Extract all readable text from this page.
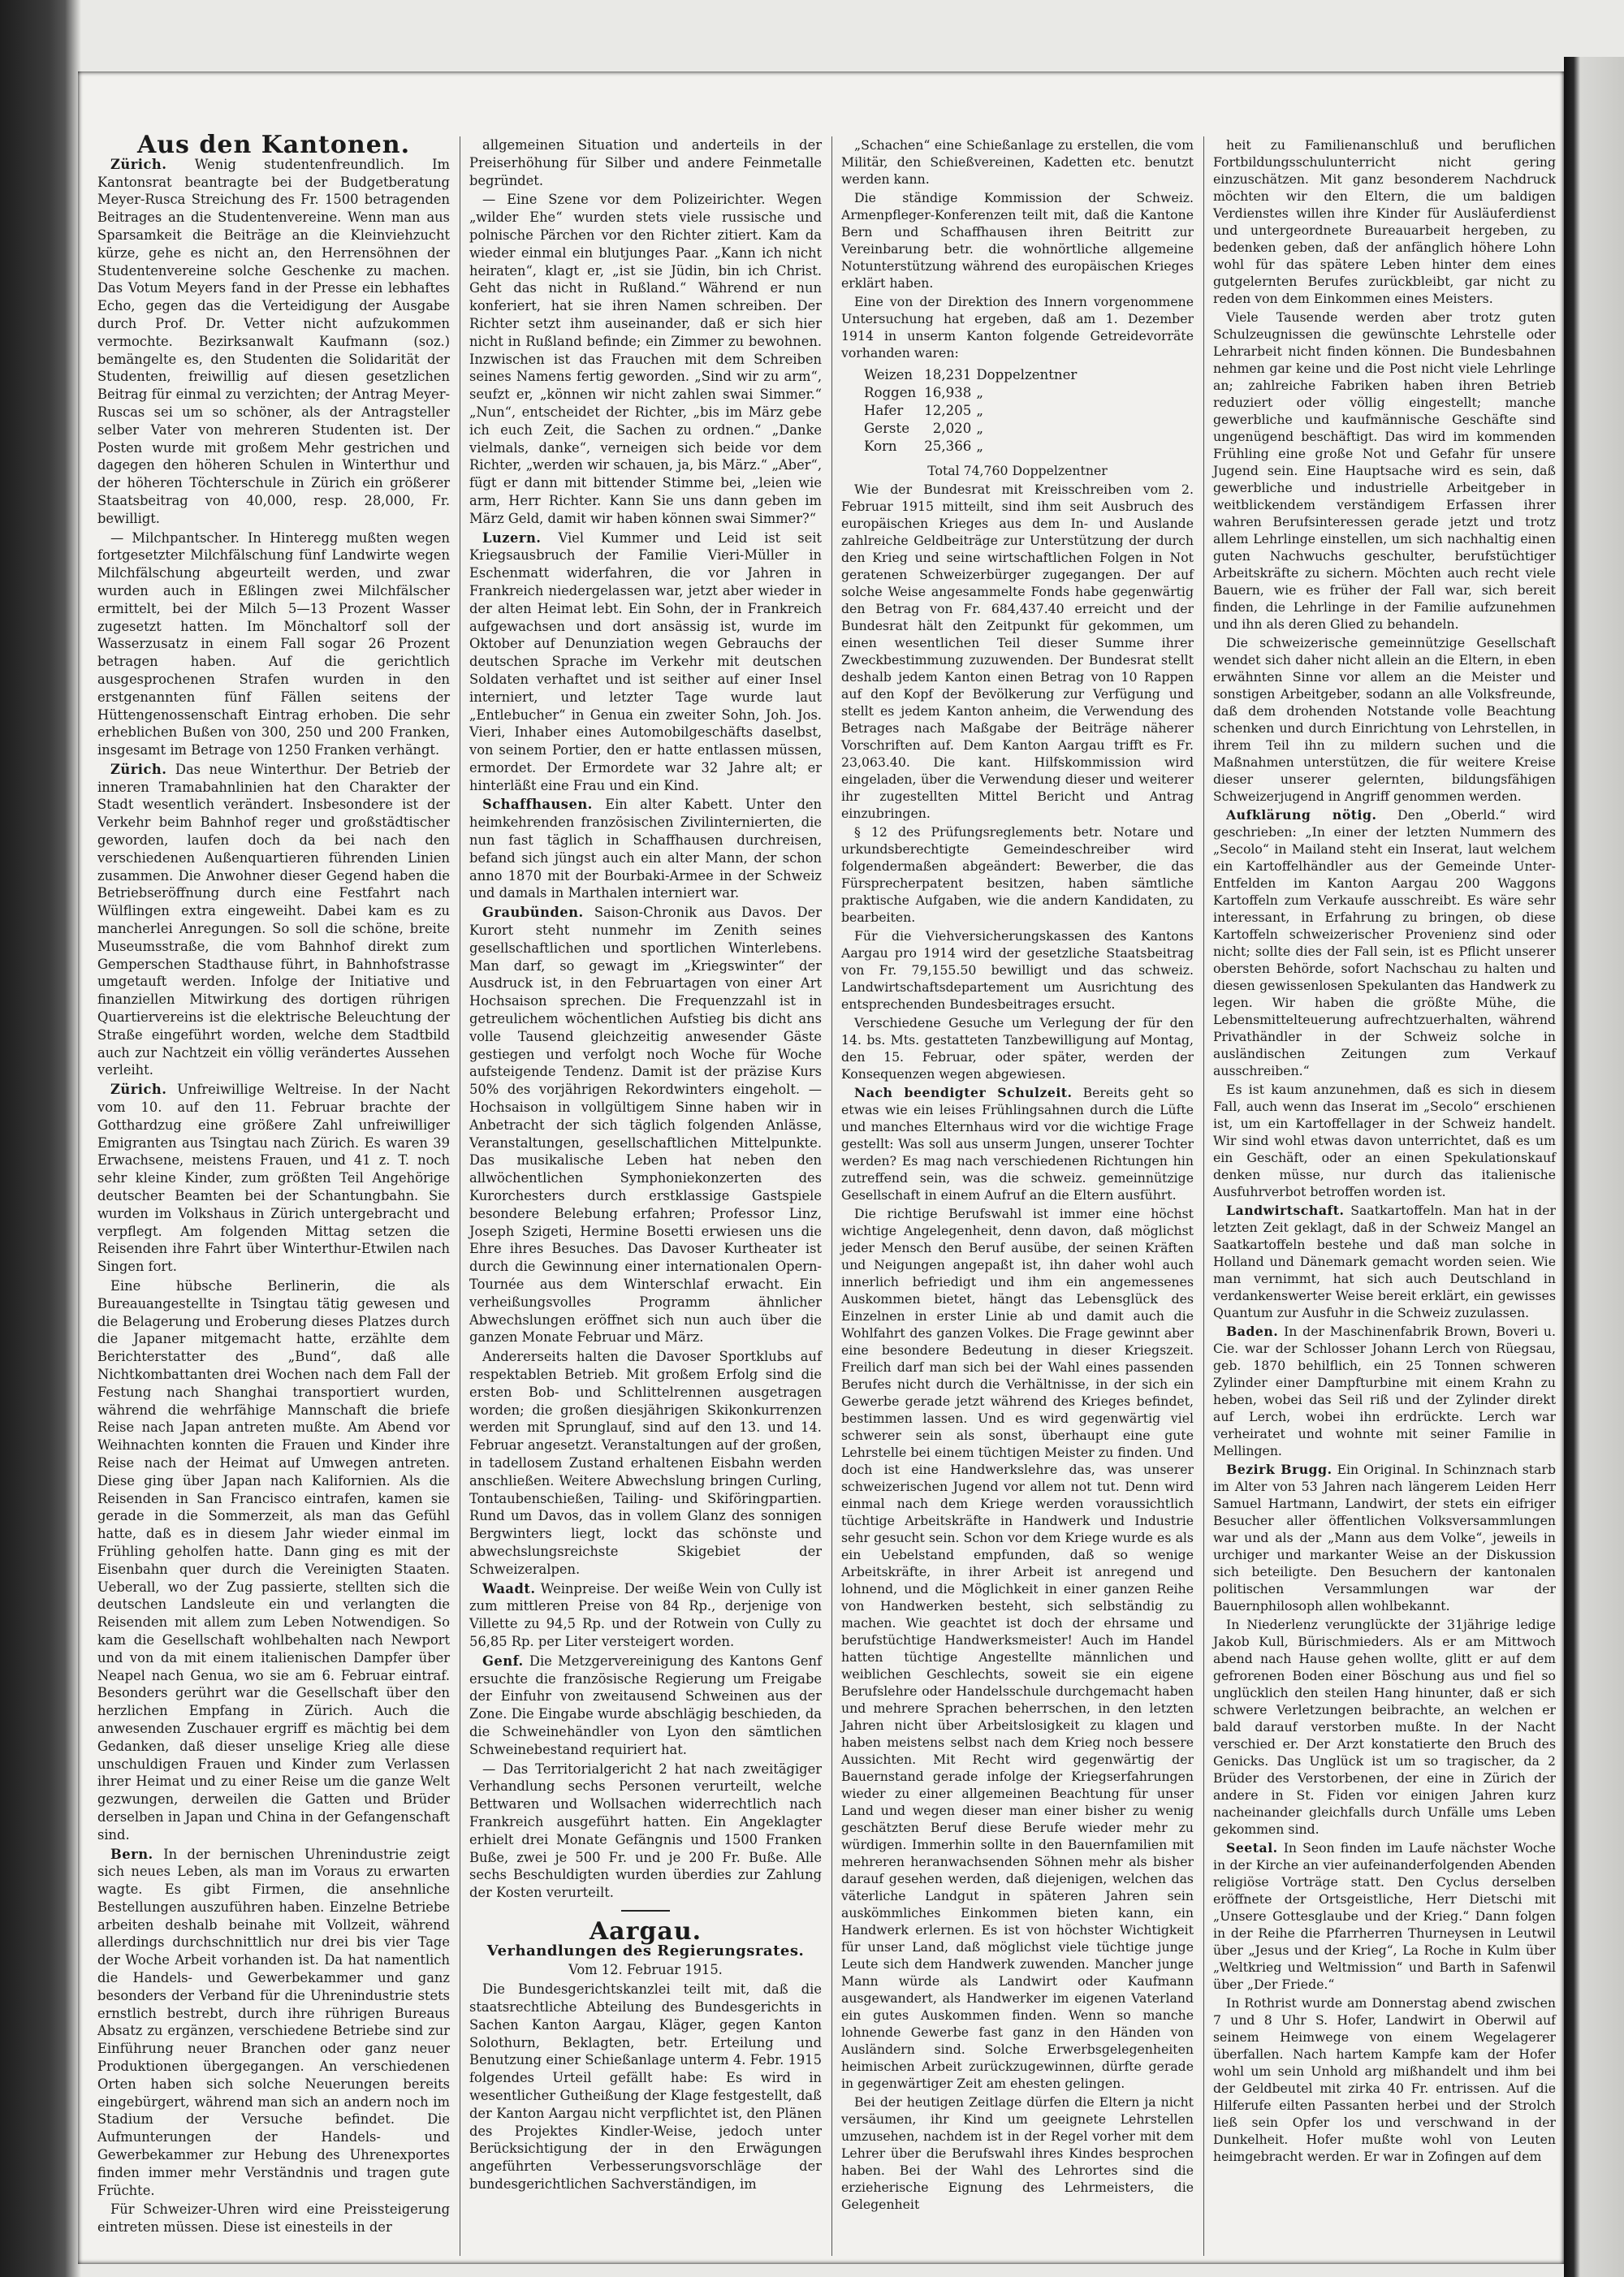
Aus den Kantonen.

Zürich. Wenig studentenfreundlich. Im Kantonsrat beantragte bei der Budgetberatung Meyer-Rusca Streichung des Fr. 1500 betragenden Beitrages an die Studentenvereine. Wenn man aus Sparsamkeit die Beiträge an die Kleinviehzucht kürze, gehe es nicht an, den Herrensöhnen der Studentenvereine solche Geschenke zu machen. Das Votum Meyers fand in der Presse ein lebhaftes Echo, gegen das die Verteidigung der Ausgabe durch Prof. Dr. Vetter nicht aufzukommen vermochte. Bezirksanwalt Kaufmann (soz.) bemängelte es, den Studenten die Solidarität der Studenten, freiwillig auf diesen gesetzlichen Beitrag für einmal zu verzichten; der Antrag Meyer-Ruscas sei um so schöner, als der Antragsteller selber Vater von mehreren Studenten ist. Der Posten wurde mit großem Mehr gestrichen und dagegen den höheren Schulen in Winterthur und der höheren Töchterschule in Zürich ein größerer Staatsbeitrag von 40,000, resp. 28,000, Fr. bewilligt.

— Milchpantscher. In Hinteregg mußten wegen fortgesetzter Milchfälschung fünf Landwirte wegen Milchfälschung abgeurteilt werden, und zwar wurden auch in Eßlingen zwei Milchfälscher ermittelt, bei der Milch 5—13 Prozent Wasser zugesetzt hatten. Im Mönchaltorf soll der Wasserzusatz in einem Fall sogar 26 Prozent betragen haben. Auf die gerichtlich ausgesprochenen Strafen wurden in den erstgenannten fünf Fällen seitens der Hüttengenossenschaft Eintrag erhoben. Die sehr erheblichen Bußen von 300, 250 und 200 Franken, insgesamt im Betrage von 1250 Franken verhängt.

Zürich. Das neue Winterthur. Der Betrieb der inneren Tramabahnlinien hat den Charakter der Stadt wesentlich verändert. Insbesondere ist der Verkehr beim Bahnhof reger und großstädtischer geworden, laufen doch da bei nach den verschiedenen Außenquartieren führenden Linien zusammen. Die Anwohner dieser Gegend haben die Betriebseröffnung durch eine Festfahrt nach Wülflingen extra eingeweiht. Dabei kam es zu mancherlei Anregungen. So soll die schöne, breite Museumsstraße, die vom Bahnhof direkt zum Gemperschen Stadthause führt, in Bahnhofstrasse umgetauft werden. Infolge der Initiative und finanziellen Mitwirkung des dortigen rührigen Quartiervereins ist die elektrische Beleuchtung der Straße eingeführt worden, welche dem Stadtbild auch zur Nachtzeit ein völlig verändertes Aussehen verleiht.

Zürich. Unfreiwillige Weltreise. In der Nacht vom 10. auf den 11. Februar brachte der Gotthardzug eine größere Zahl unfreiwilliger Emigranten aus Tsingtau nach Zürich. Es waren 39 Erwachsene, meistens Frauen, und 41 z. T. noch sehr kleine Kinder, zum größten Teil Angehörige deutscher Beamten bei der Schantungbahn. Sie wurden im Volkshaus in Zürich untergebracht und verpflegt. Am folgenden Mittag setzen die Reisenden ihre Fahrt über Winterthur-Etwilen nach Singen fort.

Eine hübsche Berlinerin, die als Bureauangestellte in Tsingtau tätig gewesen und die Belagerung und Eroberung dieses Platzes durch die Japaner mitgemacht hatte, erzählte dem Berichterstatter des „Bund“, daß alle Nichtkombattanten drei Wochen nach dem Fall der Festung nach Shanghai transportiert wurden, während die wehrfähige Mannschaft die briefe Reise nach Japan antreten mußte. Am Abend vor Weihnachten konnten die Frauen und Kinder ihre Reise nach der Heimat auf Umwegen antreten. Diese ging über Japan nach Kalifornien. Als die Reisenden in San Francisco eintrafen, kamen sie gerade in die Sommerzeit, als man das Gefühl hatte, daß es in diesem Jahr wieder einmal im Frühling geholfen hatte. Dann ging es mit der Eisenbahn quer durch die Vereinigten Staaten. Ueberall, wo der Zug passierte, stellten sich die deutschen Landsleute ein und verlangten die Reisenden mit allem zum Leben Notwendigen. So kam die Gesellschaft wohlbehalten nach Newport und von da mit einem italienischen Dampfer über Neapel nach Genua, wo sie am 6. Februar eintraf. Besonders gerührt war die Gesellschaft über den herzlichen Empfang in Zürich. Auch die anwesenden Zuschauer ergriff es mächtig bei dem Gedanken, daß dieser unselige Krieg alle diese unschuldigen Frauen und Kinder zum Verlassen ihrer Heimat und zu einer Reise um die ganze Welt gezwungen, derweilen die Gatten und Brüder derselben in Japan und China in der Gefangenschaft sind.

Bern. In der bernischen Uhrenindustrie zeigt sich neues Leben, als man im Voraus zu erwarten wagte. Es gibt Firmen, die ansehnliche Bestellungen auszuführen haben. Einzelne Betriebe arbeiten deshalb beinahe mit Vollzeit, während allerdings durchschnittlich nur drei bis vier Tage der Woche Arbeit vorhanden ist. Da hat namentlich die Handels- und Gewerbekammer und ganz besonders der Verband für die Uhrenindustrie stets ernstlich bestrebt, durch ihre rührigen Bureaus Absatz zu ergänzen, verschiedene Betriebe sind zur Einführung neuer Branchen oder ganz neuer Produktionen übergegangen. An verschiedenen Orten haben sich solche Neuerungen bereits eingebürgert, während man sich an andern noch im Stadium der Versuche befindet. Die Aufmunterungen der Handels- und Gewerbekammer zur Hebung des Uhrenexportes finden immer mehr Verständnis und tragen gute Früchte.

Für Schweizer-Uhren wird eine Preissteigerung eintreten müssen. Diese ist einesteils in der

allgemeinen Situation und anderteils in der Preiserhöhung für Silber und andere Feinmetalle begründet.

— Eine Szene vor dem Polizeirichter. Wegen „wilder Ehe“ wurden stets viele russische und polnische Pärchen vor den Richter zitiert. Kam da wieder einmal ein blutjunges Paar. „Kann ich nicht heiraten“, klagt er, „ist sie Jüdin, bin ich Christ. Geht das nicht in Rußland.“ Während er nun konferiert, hat sie ihren Namen schreiben. Der Richter setzt ihm auseinander, daß er sich hier nicht in Rußland befinde; ein Zimmer zu bewohnen. Inzwischen ist das Frauchen mit dem Schreiben seines Namens fertig geworden. „Sind wir zu arm“, seufzt er, „können wir nicht zahlen swai Simmer.“ „Nun“, entscheidet der Richter, „bis im März gebe ich euch Zeit, die Sachen zu ordnen.“ „Danke vielmals, danke“, verneigen sich beide vor dem Richter, „werden wir schauen, ja, bis März.“ „Aber“, fügt er dann mit bittender Stimme bei, „leien wie arm, Herr Richter. Kann Sie uns dann geben im März Geld, damit wir haben können swai Simmer?“

Luzern. Viel Kummer und Leid ist seit Kriegsausbruch der Familie Vieri-Müller in Eschenmatt widerfahren, die vor Jahren in Frankreich niedergelassen war, jetzt aber wieder in der alten Heimat lebt. Ein Sohn, der in Frankreich aufgewachsen und dort ansässig ist, wurde im Oktober auf Denunziation wegen Gebrauchs der deutschen Sprache im Verkehr mit deutschen Soldaten verhaftet und ist seither auf einer Insel interniert, und letzter Tage wurde laut „Entlebucher“ in Genua ein zweiter Sohn, Joh. Jos. Vieri, Inhaber eines Automobilgeschäfts daselbst, von seinem Portier, den er hatte entlassen müssen, ermordet. Der Ermordete war 32 Jahre alt; er hinterläßt eine Frau und ein Kind.

Schaffhausen. Ein alter Kabett. Unter den heimkehrenden französischen Zivilinternierten, die nun fast täglich in Schaffhausen durchreisen, befand sich jüngst auch ein alter Mann, der schon anno 1870 mit der Bourbaki-Armee in der Schweiz und damals in Marthalen interniert war.

Graubünden. Saison-Chronik aus Davos. Der Kurort steht nunmehr im Zenith seines gesellschaftlichen und sportlichen Winterlebens. Man darf, so gewagt im „Kriegswinter“ der Ausdruck ist, in den Februartagen von einer Art Hochsaison sprechen. Die Frequenzzahl ist in getreulichem wöchentlichen Aufstieg bis dicht ans volle Tausend gleichzeitig anwesender Gäste gestiegen und verfolgt noch Woche für Woche aufsteigende Tendenz. Damit ist der präzise Kurs 50% des vorjährigen Rekordwinters eingeholt. — Hochsaison in vollgültigem Sinne haben wir in Anbetracht der sich täglich folgenden Anlässe, Veranstaltungen, gesellschaftlichen Mittelpunkte. Das musikalische Leben hat neben den allwöchentlichen Symphoniekonzerten des Kurorchesters durch erstklassige Gastspiele besondere Belebung erfahren; Professor Linz, Joseph Szigeti, Hermine Bosetti erwiesen uns die Ehre ihres Besuches. Das Davoser Kurtheater ist durch die Gewinnung einer internationalen Opern-Tournée aus dem Winterschlaf erwacht. Ein verheißungsvolles Programm ähnlicher Abwechslungen eröffnet sich nun auch über die ganzen Monate Februar und März.

Andererseits halten die Davoser Sportklubs auf respektablen Betrieb. Mit großem Erfolg sind die ersten Bob- und Schlittelrennen ausgetragen worden; die großen diesjährigen Skikonkurrenzen werden mit Sprunglauf, sind auf den 13. und 14. Februar angesetzt. Veranstaltungen auf der großen, in tadellosem Zustand erhaltenen Eisbahn werden anschließen. Weitere Abwechslung bringen Curling, Tontaubenschießen, Tailing- und Skiföringpartien. Rund um Davos, das in vollem Glanz des sonnigen Bergwinters liegt, lockt das schönste und abwechslungsreichste Skigebiet der Schweizeralpen.

Waadt. Weinpreise. Der weiße Wein von Cully ist zum mittleren Preise von 84 Rp., derjenige von Villette zu 94,5 Rp. und der Rotwein von Cully zu 56,85 Rp. per Liter versteigert worden.

Genf. Die Metzgervereinigung des Kantons Genf ersuchte die französische Regierung um Freigabe der Einfuhr von zweitausend Schweinen aus der Zone. Die Eingabe wurde abschlägig beschieden, da die Schweinehändler von Lyon den sämtlichen Schweinebestand requiriert hat.

— Das Territorialgericht 2 hat nach zweitägiger Verhandlung sechs Personen verurteilt, welche Bettwaren und Wollsachen widerrechtlich nach Frankreich ausgeführt hatten. Ein Angeklagter erhielt drei Monate Gefängnis und 1500 Franken Buße, zwei je 500 Fr. und je 200 Fr. Buße. Alle sechs Beschuldigten wurden überdies zur Zahlung der Kosten verurteilt.

Aargau.

Verhandlungen des Regierungsrates.

Vom 12. Februar 1915.

Die Bundesgerichtskanzlei teilt mit, daß die staatsrechtliche Abteilung des Bundesgerichts in Sachen Kanton Aargau, Kläger, gegen Kanton Solothurn, Beklagten, betr. Erteilung und Benutzung einer Schießanlage unterm 4. Febr. 1915 folgendes Urteil gefällt habe: Es wird in wesentlicher Gutheißung der Klage festgestellt, daß der Kanton Aargau nicht verpflichtet ist, den Plänen des Projektes Kindler-Weise, jedoch unter Berücksichtigung der in den Erwägungen angeführten Verbesserungsvorschläge der bundesgerichtlichen Sachverständigen, im

„Schachen“ eine Schießanlage zu erstellen, die vom Militär, den Schießvereinen, Kadetten etc. benutzt werden kann.

Die ständige Kommission der Schweiz. Armenpfleger-Konferenzen teilt mit, daß die Kantone Bern und Schaffhausen ihren Beitritt zur Vereinbarung betr. die wohnörtliche allgemeine Notunterstützung während des europäischen Krieges erklärt haben.

Eine von der Direktion des Innern vorgenommene Untersuchung hat ergeben, daß am 1. Dezember 1914 in unserm Kanton folgende Getreidevorräte vorhanden waren:

Weizen	18,231	Doppelzentner
Roggen	16,938	„
Hafer	12,205	„
Gerste	2,020	„
Korn	25,366	„

Total 74,760 Doppelzentner

Wie der Bundesrat mit Kreisschreiben vom 2. Februar 1915 mitteilt, sind ihm seit Ausbruch des europäischen Krieges aus dem In- und Auslande zahlreiche Geldbeiträge zur Unterstützung der durch den Krieg und seine wirtschaftlichen Folgen in Not geratenen Schweizerbürger zugegangen. Der auf solche Weise angesammelte Fonds habe gegenwärtig den Betrag von Fr. 684,437.40 erreicht und der Bundesrat hält den Zeitpunkt für gekommen, um einen wesentlichen Teil dieser Summe ihrer Zweckbestimmung zuzuwenden. Der Bundesrat stellt deshalb jedem Kanton einen Betrag von 10 Rappen auf den Kopf der Bevölkerung zur Verfügung und stellt es jedem Kanton anheim, die Verwendung des Betrages nach Maßgabe der Beiträge näherer Vorschriften auf. Dem Kanton Aargau trifft es Fr. 23,063.40. Die kant. Hilfskommission wird eingeladen, über die Verwendung dieser und weiterer ihr zugestellten Mittel Bericht und Antrag einzubringen.

§ 12 des Prüfungsreglements betr. Notare und urkundsberechtigte Gemeindeschreiber wird folgendermaßen abgeändert: Bewerber, die das Fürsprecherpatent besitzen, haben sämtliche praktische Aufgaben, wie die andern Kandidaten, zu bearbeiten.

Für die Viehversicherungskassen des Kantons Aargau pro 1914 wird der gesetzliche Staatsbeitrag von Fr. 79,155.50 bewilligt und das schweiz. Landwirtschaftsdepartement um Ausrichtung des entsprechenden Bundesbeitrages ersucht.

Verschiedene Gesuche um Verlegung der für den 14. bs. Mts. gestatteten Tanzbewilligung auf Montag, den 15. Februar, oder später, werden der Konsequenzen wegen abgewiesen.

Nach beendigter Schulzeit. Bereits geht so etwas wie ein leises Frühlingsahnen durch die Lüfte und manches Elternhaus wird vor die wichtige Frage gestellt: Was soll aus unserm Jungen, unserer Tochter werden? Es mag nach verschiedenen Richtungen hin zutreffend sein, was die schweiz. gemeinnützige Gesellschaft in einem Aufruf an die Eltern ausführt.

Die richtige Berufswahl ist immer eine höchst wichtige Angelegenheit, denn davon, daß möglichst jeder Mensch den Beruf ausübe, der seinen Kräften und Neigungen angepaßt ist, ihn daher wohl auch innerlich befriedigt und ihm ein angemessenes Auskommen bietet, hängt das Lebensglück des Einzelnen in erster Linie ab und damit auch die Wohlfahrt des ganzen Volkes. Die Frage gewinnt aber eine besondere Bedeutung in dieser Kriegszeit. Freilich darf man sich bei der Wahl eines passenden Berufes nicht durch die Verhältnisse, in der sich ein Gewerbe gerade jetzt während des Krieges befindet, bestimmen lassen. Und es wird gegenwärtig viel schwerer sein als sonst, überhaupt eine gute Lehrstelle bei einem tüchtigen Meister zu finden. Und doch ist eine Handwerkslehre das, was unserer schweizerischen Jugend vor allem not tut. Denn wird einmal nach dem Kriege werden voraussichtlich tüchtige Arbeitskräfte in Handwerk und Industrie sehr gesucht sein. Schon vor dem Kriege wurde es als ein Uebelstand empfunden, daß so wenige Arbeitskräfte, in ihrer Arbeit ist anregend und lohnend, und die Möglichkeit in einer ganzen Reihe von Handwerken besteht, sich selbständig zu machen. Wie geachtet ist doch der ehrsame und berufstüchtige Handwerksmeister! Auch im Handel hatten tüchtige Angestellte männlichen und weiblichen Geschlechts, soweit sie ein eigene Berufslehre oder Handelsschule durchgemacht haben und mehrere Sprachen beherrschen, in den letzten Jahren nicht über Arbeitslosigkeit zu klagen und haben meistens selbst nach dem Krieg noch bessere Aussichten. Mit Recht wird gegenwärtig der Bauernstand gerade infolge der Kriegserfahrungen wieder zu einer allgemeinen Beachtung für unser Land und wegen dieser man einer bisher zu wenig geschätzten Beruf diese Berufe wieder mehr zu würdigen. Immerhin sollte in den Bauernfamilien mit mehreren heranwachsenden Söhnen mehr als bisher darauf gesehen werden, daß diejenigen, welchen das väterliche Landgut in späteren Jahren sein auskömmliches Einkommen bieten kann, ein Handwerk erlernen. Es ist von höchster Wichtigkeit für unser Land, daß möglichst viele tüchtige junge Leute sich dem Handwerk zuwenden. Mancher junge Mann würde als Landwirt oder Kaufmann ausgewandert, als Handwerker im eigenen Vaterland ein gutes Auskommen finden. Wenn so manche lohnende Gewerbe fast ganz in den Händen von Ausländern sind. Solche Erwerbsgelegenheiten heimischen Arbeit zurückzugewinnen, dürfte gerade in gegenwärtiger Zeit am ehesten gelingen.

Bei der heutigen Zeitlage dürfen die Eltern ja nicht versäumen, ihr Kind um geeignete Lehrstellen umzusehen, nachdem ist in der Regel vorher mit dem Lehrer über die Berufswahl ihres Kindes besprochen haben. Bei der Wahl des Lehrortes sind die erzieherische Eignung des Lehrmeisters, die Gelegenheit

heit zu Familienanschluß und beruflichen Fortbildungsschulunterricht nicht gering einzuschätzen. Mit ganz besonderem Nachdruck möchten wir den Eltern, die um baldigen Verdienstes willen ihre Kinder für Ausläuferdienst und untergeordnete Bureauarbeit hergeben, zu bedenken geben, daß der anfänglich höhere Lohn wohl für das spätere Leben hinter dem eines gutgelernten Berufes zurückbleibt, gar nicht zu reden von dem Einkommen eines Meisters.

Viele Tausende werden aber trotz guten Schulzeugnissen die gewünschte Lehrstelle oder Lehrarbeit nicht finden können. Die Bundesbahnen nehmen gar keine und die Post nicht viele Lehrlinge an; zahlreiche Fabriken haben ihren Betrieb reduziert oder völlig eingestellt; manche gewerbliche und kaufmännische Geschäfte sind ungenügend beschäftigt. Das wird im kommenden Frühling eine große Not und Gefahr für unsere Jugend sein. Eine Hauptsache wird es sein, daß gewerbliche und industrielle Arbeitgeber in weitblickendem verständigem Erfassen ihrer wahren Berufsinteressen gerade jetzt und trotz allem Lehrlinge einstellen, um sich nachhaltig einen guten Nachwuchs geschulter, berufstüchtiger Arbeitskräfte zu sichern. Möchten auch recht viele Bauern, wie es früher der Fall war, sich bereit finden, die Lehrlinge in der Familie aufzunehmen und ihn als deren Glied zu behandeln.

Die schweizerische gemeinnützige Gesellschaft wendet sich daher nicht allein an die Eltern, in eben erwähnten Sinne vor allem an die Meister und sonstigen Arbeitgeber, sodann an alle Volksfreunde, daß dem drohenden Notstande volle Beachtung schenken und durch Einrichtung von Lehrstellen, in ihrem Teil ihn zu mildern suchen und die Maßnahmen unterstützen, die für weitere Kreise dieser unserer gelernten, bildungsfähigen Schweizerjugend in Angriff genommen werden.

Aufklärung nötig. Den „Oberld.“ wird geschrieben: „In einer der letzten Nummern des „Secolo“ in Mailand steht ein Inserat, laut welchem ein Kartoffelhändler aus der Gemeinde Unter-Entfelden im Kanton Aargau 200 Waggons Kartoffeln zum Verkaufe ausschreibt. Es wäre sehr interessant, in Erfahrung zu bringen, ob diese Kartoffeln schweizerischer Provenienz sind oder nicht; sollte dies der Fall sein, ist es Pflicht unserer obersten Behörde, sofort Nachschau zu halten und diesen gewissenlosen Spekulanten das Handwerk zu legen. Wir haben die größte Mühe, die Lebensmittelteuerung aufrechtzuerhalten, während Privathändler in der Schweiz solche in ausländischen Zeitungen zum Verkauf ausschreiben.“

Es ist kaum anzunehmen, daß es sich in diesem Fall, auch wenn das Inserat im „Secolo“ erschienen ist, um ein Kartoffellager in der Schweiz handelt. Wir sind wohl etwas davon unterrichtet, daß es um ein Geschäft, oder an einen Spekulationskauf denken müsse, nur durch das italienische Ausfuhrverbot betroffen worden ist.

Landwirtschaft. Saatkartoffeln. Man hat in der letzten Zeit geklagt, daß in der Schweiz Mangel an Saatkartoffeln bestehe und daß man solche in Holland und Dänemark gemacht worden seien. Wie man vernimmt, hat sich auch Deutschland in verdankenswerter Weise bereit erklärt, ein gewisses Quantum zur Ausfuhr in die Schweiz zuzulassen.

Baden. In der Maschinenfabrik Brown, Boveri u. Cie. war der Schlosser Johann Lerch von Rüegsau, geb. 1870 behilflich, ein 25 Tonnen schweren Zylinder einer Dampfturbine mit einem Krahn zu heben, wobei das Seil riß und der Zylinder direkt auf Lerch, wobei ihn erdrückte. Lerch war verheiratet und wohnte mit seiner Familie in Mellingen.

Bezirk Brugg. Ein Original. In Schinznach starb im Alter von 53 Jahren nach längerem Leiden Herr Samuel Hartmann, Landwirt, der stets ein eifriger Besucher aller öffentlichen Volksversammlungen war und als der „Mann aus dem Volke“, jeweils in urchiger und markanter Weise an der Diskussion sich beteiligte. Den Besuchern der kantonalen politischen Versammlungen war der Bauernphilosoph allen wohlbekannt.

In Niederlenz verunglückte der 31jährige ledige Jakob Kull, Bürischmieders. Als er am Mittwoch abend nach Hause gehen wollte, glitt er auf dem gefrorenen Boden einer Böschung aus und fiel so unglücklich den steilen Hang hinunter, daß er sich schwere Verletzungen beibrachte, an welchen er bald darauf verstorben mußte. In der Nacht verschied er. Der Arzt konstatierte den Bruch des Genicks. Das Unglück ist um so tragischer, da 2 Brüder des Verstorbenen, der eine in Zürich der andere in St. Fiden vor einigen Jahren kurz nacheinander gleichfalls durch Unfälle ums Leben gekommen sind.

Seetal. In Seon finden im Laufe nächster Woche in der Kirche an vier aufeinanderfolgenden Abenden religiöse Vorträge statt. Den Cyclus derselben eröffnete der Ortsgeistliche, Herr Dietschi mit „Unsere Gottesglaube und der Krieg.“ Dann folgen in der Reihe die Pfarrherren Thurneysen in Leutwil über „Jesus und der Krieg“, La Roche in Kulm über „Weltkrieg und Weltmission“ und Barth in Safenwil über „Der Friede.“

In Rothrist wurde am Donnerstag abend zwischen 7 und 8 Uhr S. Hofer, Landwirt in Oberwil auf seinem Heimwege von einem Wegelagerer überfallen. Nach hartem Kampfe kam der Hofer wohl um sein Unhold arg mißhandelt und ihm bei der Geldbeutel mit zirka 40 Fr. entrissen. Auf die Hilferufe eilten Passanten herbei und der Strolch ließ sein Opfer los und verschwand in der Dunkelheit. Hofer mußte wohl von Leuten heimgebracht werden. Er war in Zofingen auf dem
